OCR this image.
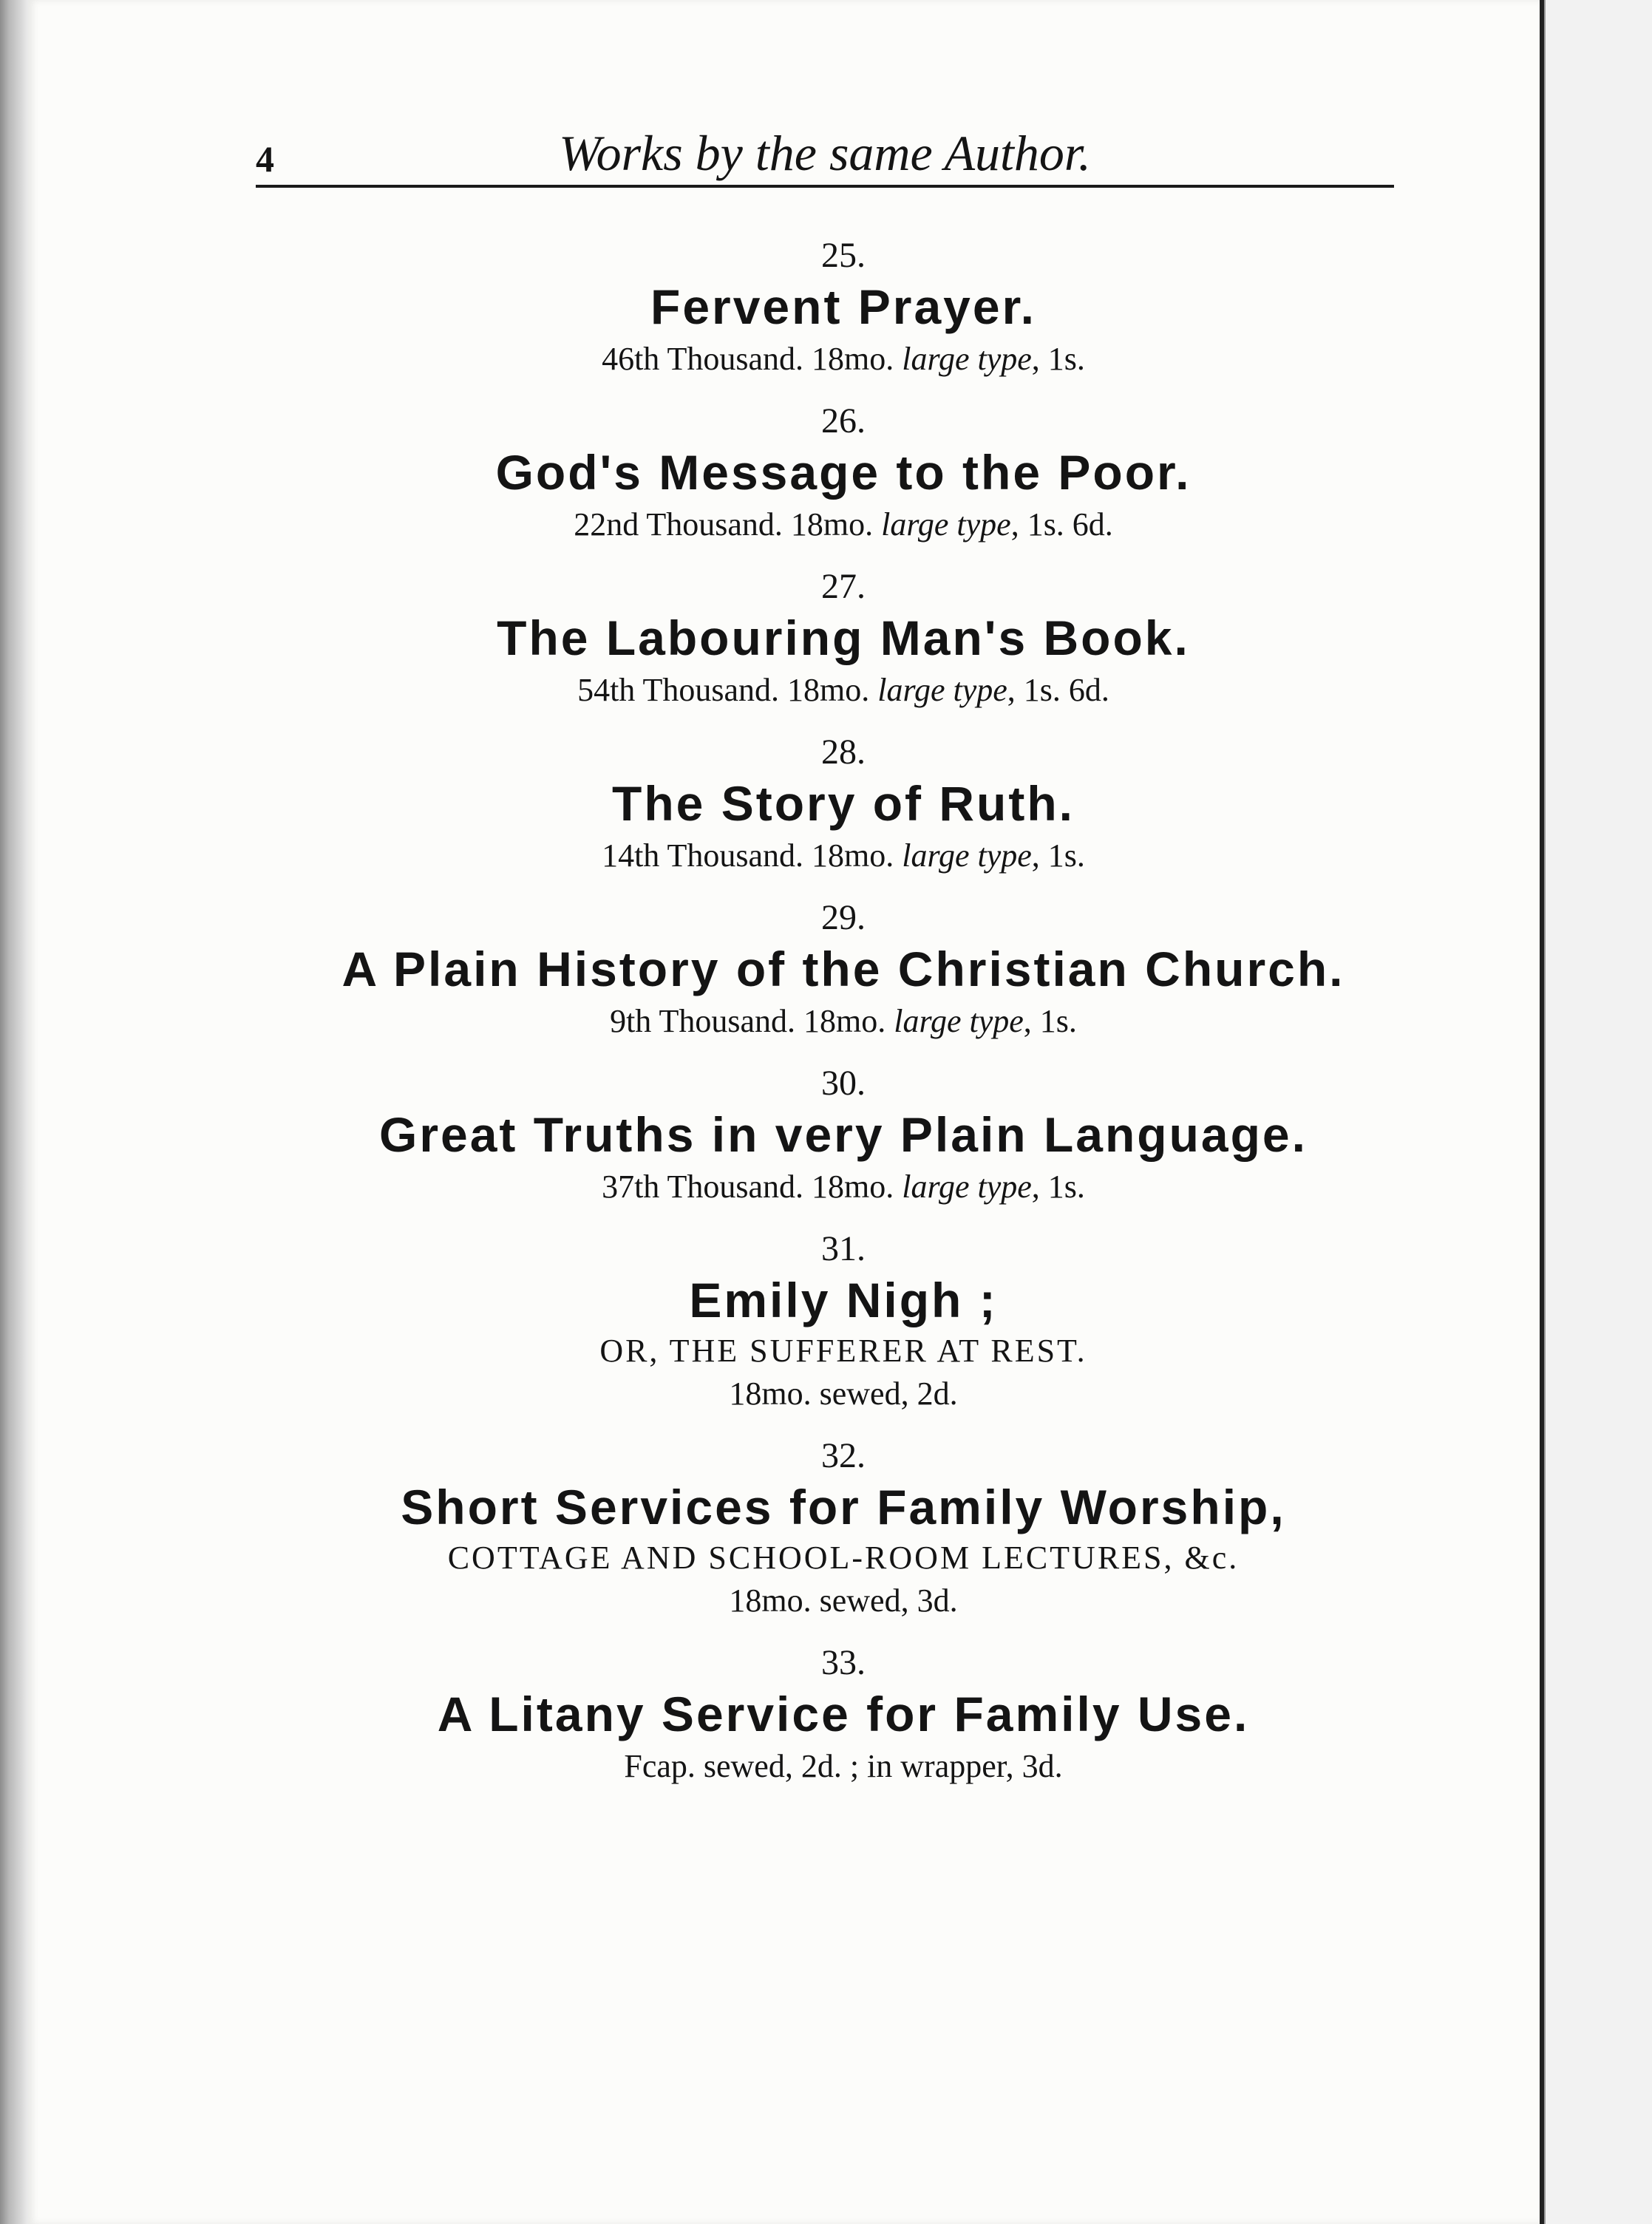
4	Works by the same Author.
25.
Fervent Prayer.
46th Thousand. 18mo. large type, 1s.
26.
God's Message to the Poor.
22nd Thousand. 18mo. large type, 1s. 6d.
27.
The Labouring Man's Book.
54th Thousand. 18mo. large type, 1s. 6d.
28.
The Story of Ruth.
14th Thousand. 18mo. large type, 1s.
29.
A Plain History of the Christian Church.
9th Thousand. 18mo. large type, 1s.
30.
Great Truths in very Plain Language.
37th Thousand. 18mo. large type, 1s.
31.
Emily Nigh ;
OR, THE SUFFERER AT REST.
18mo. sewed, 2d.
32.
Short Services for Family Worship,
COTTAGE AND SCHOOL-ROOM LECTURES, &c.
18mo. sewed, 3d.
33.
A Litany Service for Family Use.
Fcap. sewed, 2d. ; in wrapper, 3d.
